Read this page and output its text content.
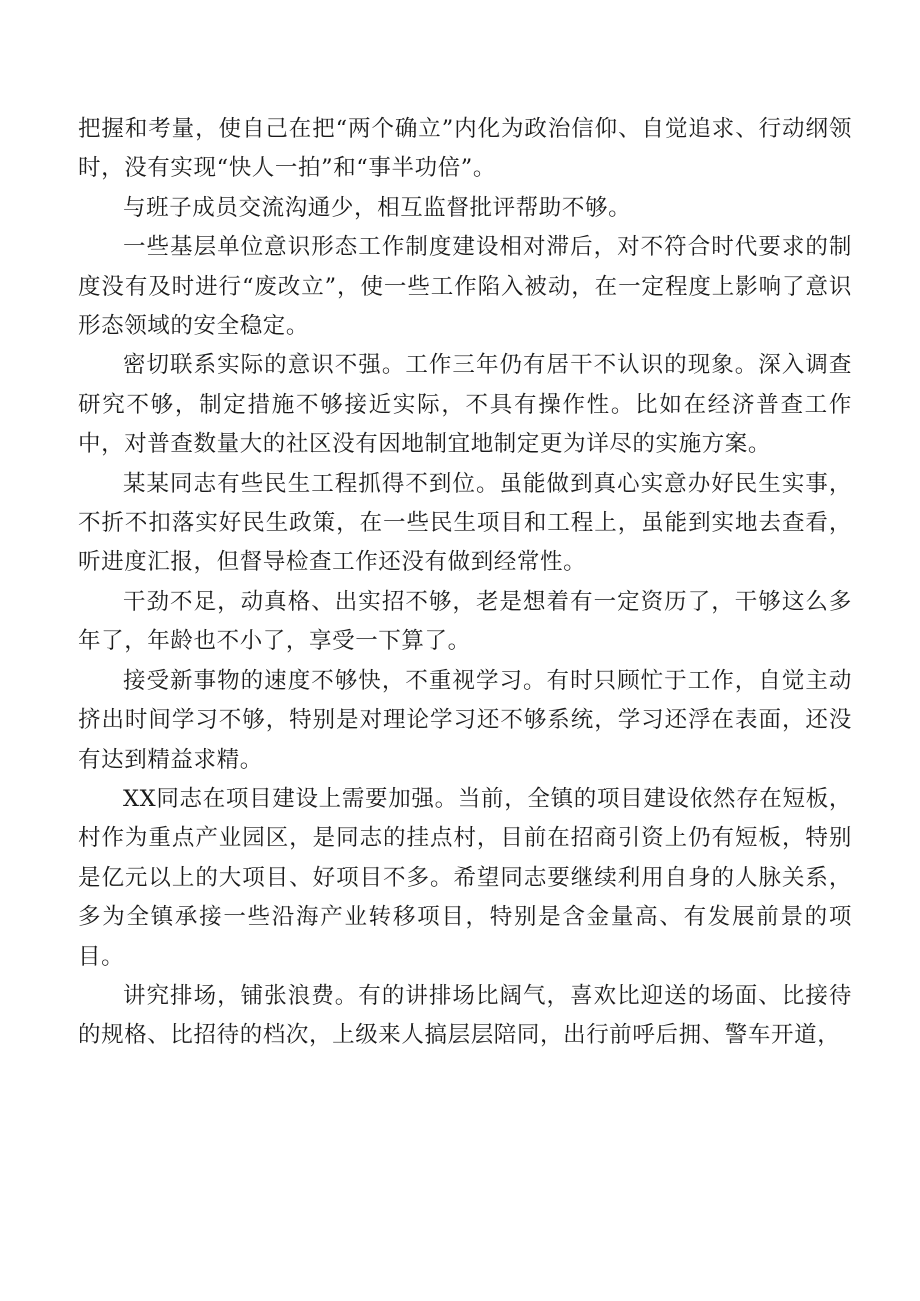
把握和考量，使自己在把“两个确立”内化为政治信仰、自觉追求、行动纲领时，没有实现“快人一拍”和“事半功倍”。

与班子成员交流沟通少，相互监督批评帮助不够。

一些基层单位意识形态工作制度建设相对滞后，对不符合时代要求的制度没有及时进行“废改立”，使一些工作陷入被动，在一定程度上影响了意识形态领域的安全稳定。

密切联系实际的意识不强。工作三年仍有居干不认识的现象。深入调查研究不够，制定措施不够接近实际，不具有操作性。比如在经济普查工作中，对普查数量大的社区没有因地制宜地制定更为详尽的实施方案。

某某同志有些民生工程抓得不到位。虽能做到真心实意办好民生实事，不折不扣落实好民生政策，在一些民生项目和工程上，虽能到实地去查看，听进度汇报，但督导检查工作还没有做到经常性。

干劲不足，动真格、出实招不够，老是想着有一定资历了，干够这么多年了，年龄也不小了，享受一下算了。

接受新事物的速度不够快，不重视学习。有时只顾忙于工作，自觉主动挤出时间学习不够，特别是对理论学习还不够系统，学习还浮在表面，还没有达到精益求精。

XX同志在项目建设上需要加强。当前，全镇的项目建设依然存在短板，村作为重点产业园区，是同志的挂点村，目前在招商引资上仍有短板，特别是亿元以上的大项目、好项目不多。希望同志要继续利用自身的人脉关系，多为全镇承接一些沿海产业转移项目，特别是含金量高、有发展前景的项目。

讲究排场，铺张浪费。有的讲排场比阔气，喜欢比迎送的场面、比接待的规格、比招待的档次，上级来人搞层层陪同，出行前呼后拥、警车开道，
